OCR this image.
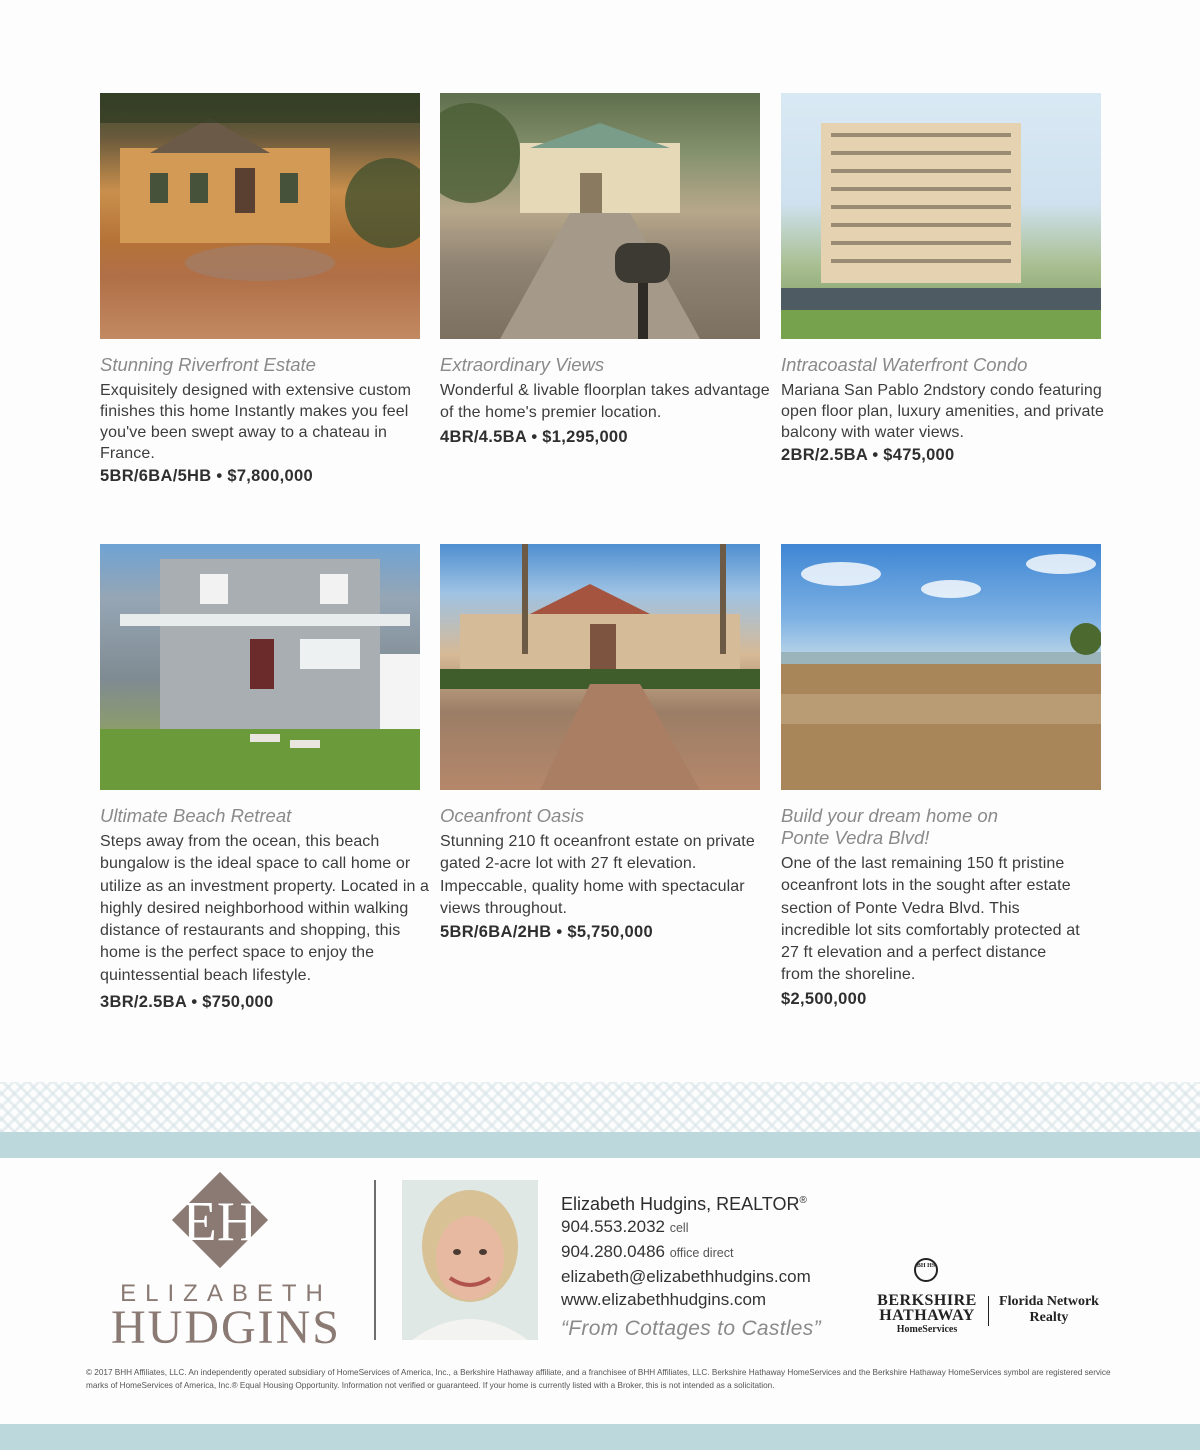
Stunning Riverfront Estate
Exquisitely designed with extensive custom finishes this home Instantly makes you feel you've been swept away to a chateau in France.
5BR/6BA/5HB • $7,800,000
Extraordinary Views
Wonderful & livable floorplan takes advantage of the home's premier location.
4BR/4.5BA • $1,295,000
Intracoastal Waterfront Condo
Mariana San Pablo 2ndstory condo featuring open floor plan, luxury amenities, and private balcony with water views.
2BR/2.5BA • $475,000
Ultimate Beach Retreat
Steps away from the ocean, this beach bungalow is the ideal space to call home or utilize as an investment property. Located in a highly desired neighborhood within walking distance of restaurants and shopping, this home is the perfect space to enjoy the quintessential beach lifestyle.
3BR/2.5BA • $750,000
Oceanfront Oasis
Stunning 210 ft oceanfront estate on private gated 2-acre lot with 27 ft elevation. Impeccable, quality home with spectacular views throughout.
5BR/6BA/2HB • $5,750,000
Build your dream home on Ponte Vedra Blvd!
One of the last remaining 150 ft pristine oceanfront lots in the sought after estate section of Ponte Vedra Blvd. This incredible lot sits comfortably protected at 27 ft elevation and a perfect distance from the shoreline.
$2,500,000
EH
ELIZABETH
HUDGINS
Elizabeth Hudgins, REALTOR®
904.553.2032 cell
904.280.0486 office direct
elizabeth@elizabethhudgins.com
www.elizabethhudgins.com
“From Cottages to Castles”
BH HS
BERKSHIRE
HATHAWAY
HomeServices
Florida Network
Realty
© 2017 BHH Affiliates, LLC. An independently operated subsidiary of HomeServices of America, Inc., a Berkshire Hathaway affiliate, and a franchisee of BHH Affiliates, LLC. Berkshire Hathaway HomeServices and the Berkshire Hathaway HomeServices symbol are registered service marks of HomeServices of America, Inc.® Equal Housing Opportunity. Information not verified or guaranteed. If your home is currently listed with a Broker, this is not intended as a solicitation.
